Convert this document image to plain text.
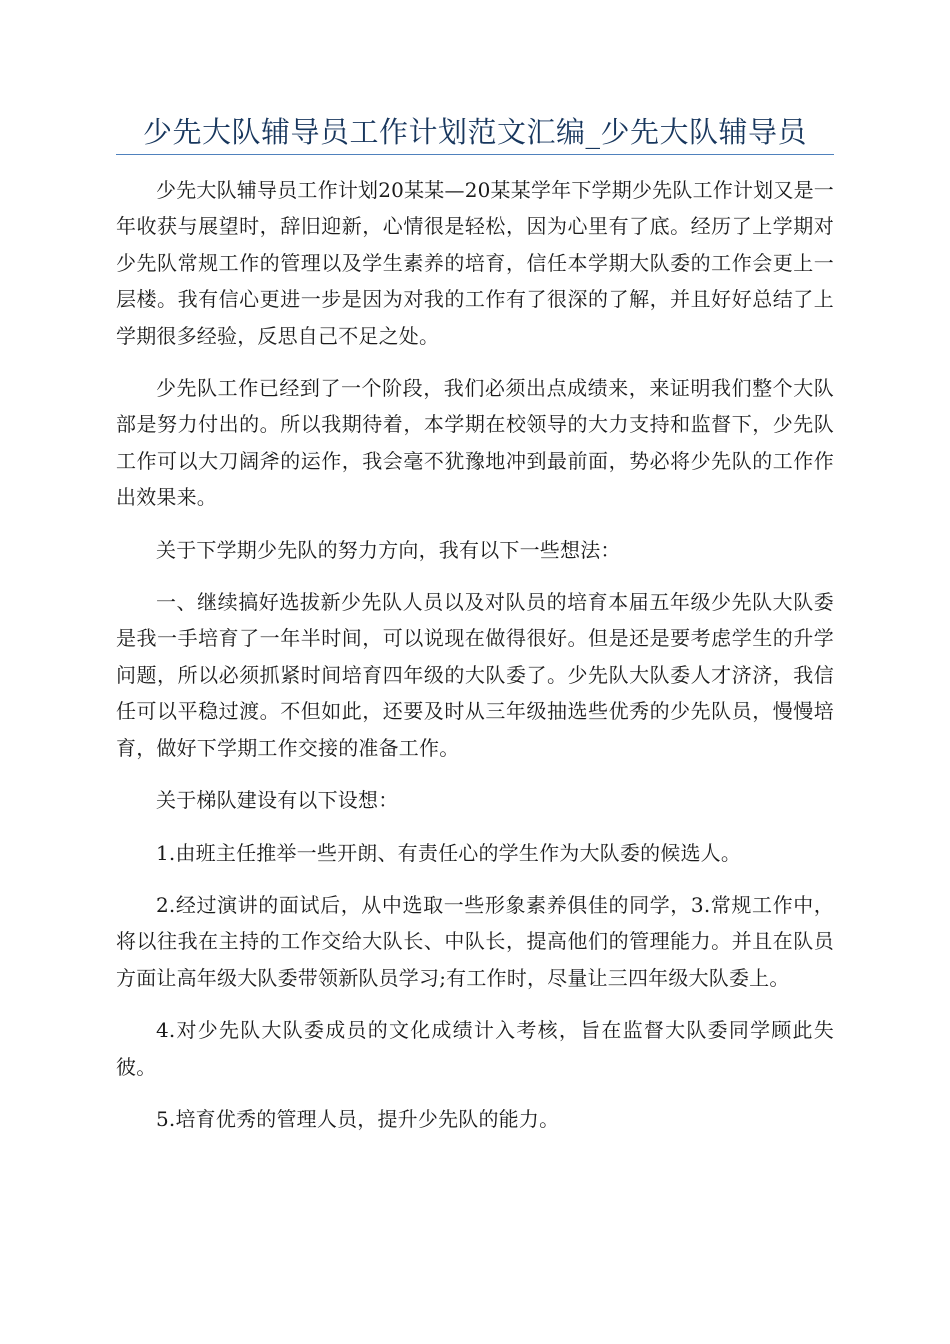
少先大队辅导员工作计划范文汇编_少先大队辅导员

少先大队辅导员工作计划20某某—20某某学年下学期少先队工作计划又是一年收获与展望时，辞旧迎新，心情很是轻松，因为心里有了底。经历了上学期对少先队常规工作的管理以及学生素养的培育，信任本学期大队委的工作会更上一层楼。我有信心更进一步是因为对我的工作有了很深的了解，并且好好总结了上学期很多经验，反思自己不足之处。

少先队工作已经到了一个阶段，我们必须出点成绩来，来证明我们整个大队部是努力付出的。所以我期待着，本学期在校领导的大力支持和监督下，少先队工作可以大刀阔斧的运作，我会毫不犹豫地冲到最前面，势必将少先队的工作作出效果来。

关于下学期少先队的努力方向，我有以下一些想法：

一、继续搞好选拔新少先队人员以及对队员的培育本届五年级少先队大队委是我一手培育了一年半时间，可以说现在做得很好。但是还是要考虑学生的升学问题，所以必须抓紧时间培育四年级的大队委了。少先队大队委人才济济，我信任可以平稳过渡。不但如此，还要及时从三年级抽选些优秀的少先队员，慢慢培育，做好下学期工作交接的准备工作。

关于梯队建设有以下设想：

1.由班主任推举一些开朗、有责任心的学生作为大队委的候选人。

2.经过演讲的面试后，从中选取一些形象素养俱佳的同学，3.常规工作中，将以往我在主持的工作交给大队长、中队长，提高他们的管理能力。并且在队员方面让高年级大队委带领新队员学习;有工作时，尽量让三四年级大队委上。

4.对少先队大队委成员的文化成绩计入考核，旨在监督大队委同学顾此失彼。

5.培育优秀的管理人员，提升少先队的能力。
